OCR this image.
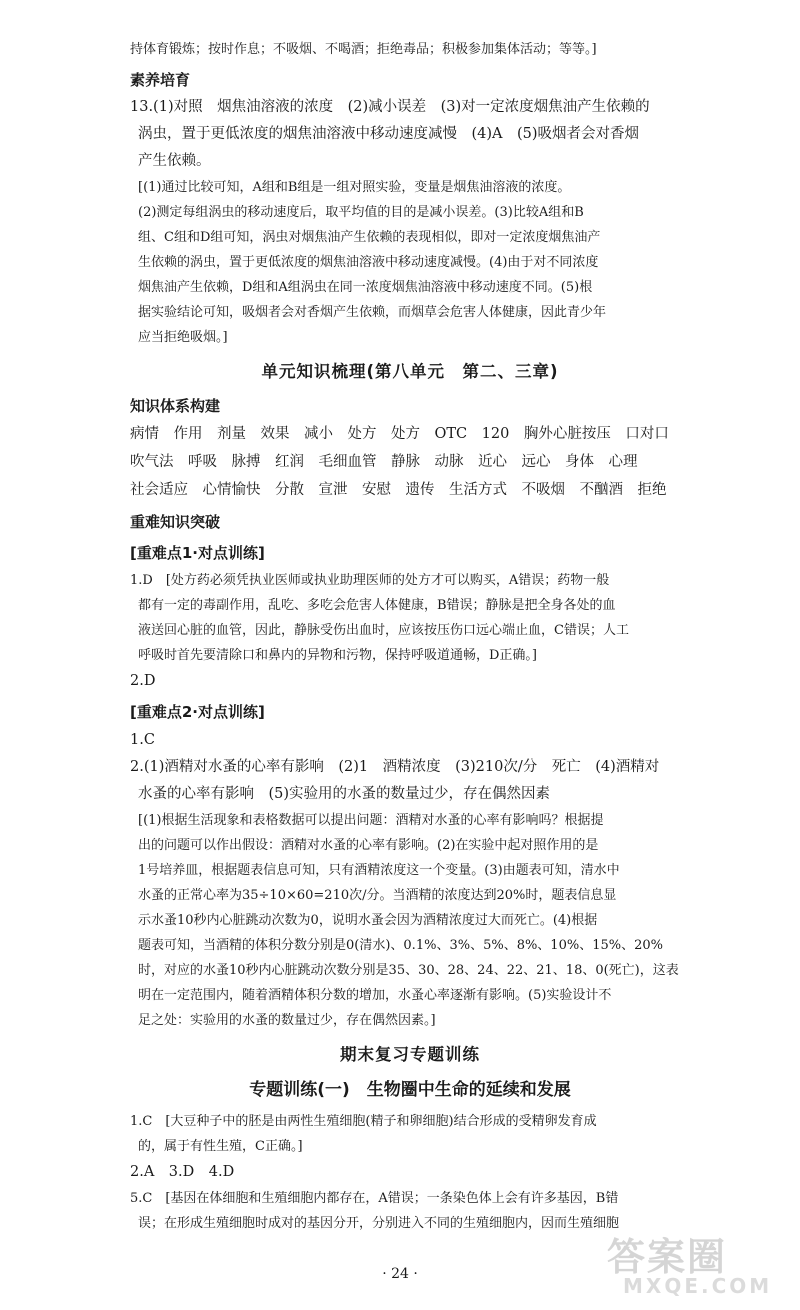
持体育锻炼；按时作息；不吸烟、不喝酒；拒绝毒品；积极参加集体活动；等等。]

素养培育

13.(1)对照　烟焦油溶液的浓度　(2)减小误差　(3)对一定浓度烟焦油产生依赖的

涡虫，置于更低浓度的烟焦油溶液中移动速度减慢　(4)A　(5)吸烟者会对香烟

产生依赖。

[(1)通过比较可知，A组和B组是一组对照实验，变量是烟焦油溶液的浓度。

(2)测定每组涡虫的移动速度后，取平均值的目的是减小误差。(3)比较A组和B

组、C组和D组可知，涡虫对烟焦油产生依赖的表现相似，即对一定浓度烟焦油产

生依赖的涡虫，置于更低浓度的烟焦油溶液中移动速度减慢。(4)由于对不同浓度

烟焦油产生依赖，D组和A组涡虫在同一浓度烟焦油溶液中移动速度不同。(5)根

据实验结论可知，吸烟者会对香烟产生依赖，而烟草会危害人体健康，因此青少年

应当拒绝吸烟。]

单元知识梳理(第八单元　第二、三章)

知识体系构建

病情　作用　剂量　效果　减小　处方　处方　OTC　120　胸外心脏按压　口对口

吹气法　呼吸　脉搏　红润　毛细血管　静脉　动脉　近心　远心　身体　心理

社会适应　心情愉快　分散　宣泄　安慰　遗传　生活方式　不吸烟　不酗酒　拒绝

重难知识突破

[重难点1·对点训练]

1.D　[处方药必须凭执业医师或执业助理医师的处方才可以购买，A错误；药物一般

都有一定的毒副作用，乱吃、多吃会危害人体健康，B错误；静脉是把全身各处的血

液送回心脏的血管，因此，静脉受伤出血时，应该按压伤口远心端止血，C错误；人工

呼吸时首先要清除口和鼻内的异物和污物，保持呼吸道通畅，D正确。]

2.D

[重难点2·对点训练]

1.C

2.(1)酒精对水蚤的心率有影响　(2)1　酒精浓度　(3)210次/分　死亡　(4)酒精对

水蚤的心率有影响　(5)实验用的水蚤的数量过少，存在偶然因素

[(1)根据生活现象和表格数据可以提出问题：酒精对水蚤的心率有影响吗？根据提

出的问题可以作出假设：酒精对水蚤的心率有影响。(2)在实验中起对照作用的是

1号培养皿，根据题表信息可知，只有酒精浓度这一个变量。(3)由题表可知，清水中

水蚤的正常心率为35÷10×60=210次/分。当酒精的浓度达到20%时，题表信息显

示水蚤10秒内心脏跳动次数为0，说明水蚤会因为酒精浓度过大而死亡。(4)根据

题表可知，当酒精的体积分数分别是0(清水)、0.1%、3%、5%、8%、10%、15%、20%

时，对应的水蚤10秒内心脏跳动次数分别是35、30、28、24、22、21、18、0(死亡)，这表

明在一定范围内，随着酒精体积分数的增加，水蚤心率逐渐有影响。(5)实验设计不

足之处：实验用的水蚤的数量过少，存在偶然因素。]

期末复习专题训练

专题训练(一)　生物圈中生命的延续和发展

1.C　[大豆种子中的胚是由两性生殖细胞(精子和卵细胞)结合形成的受精卵发育成

的，属于有性生殖，C正确。]

2.A　3.D　4.D

5.C　[基因在体细胞和生殖细胞内都存在，A错误；一条染色体上会有许多基因，B错

误；在形成生殖细胞时成对的基因分开，分别进入不同的生殖细胞内，因而生殖细胞

· 24 ·	答案圈
MXQE.COM
